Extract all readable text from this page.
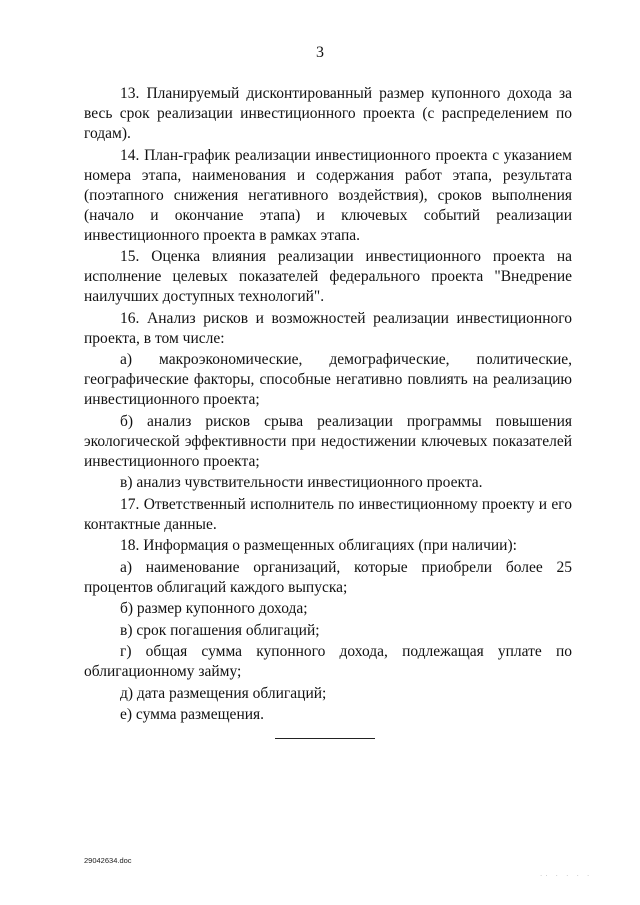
3

13. Планируемый дисконтированный размер купонного дохода за весь срок реализации инвестиционного проекта (с распределением по годам).

14. План-график реализации инвестиционного проекта с указанием номера этапа, наименования и содержания работ этапа, результата (поэтапного снижения негативного воздействия), сроков выполнения (начало и окончание этапа) и ключевых событий реализации инвестиционного проекта в рамках этапа.

15. Оценка влияния реализации инвестиционного проекта на исполнение целевых показателей федерального проекта "Внедрение наилучших доступных технологий".

16. Анализ рисков и возможностей реализации инвестиционного проекта, в том числе:

а) макроэкономические, демографические, политические, географические факторы, способные негативно повлиять на реализацию инвестиционного проекта;

б) анализ рисков срыва реализации программы повышения экологической эффективности при недостижении ключевых показателей инвестиционного проекта;

в) анализ чувствительности инвестиционного проекта.

17. Ответственный исполнитель по инвестиционному проекту и его контактные данные.

18. Информация о размещенных облигациях (при наличии):

а) наименование организаций, которые приобрели более 25 процентов облигаций каждого выпуска;

б) размер купонного дохода;

в) срок погашения облигаций;

г) общая сумма купонного дохода, подлежащая уплате по облигационному займу;

д) дата размещения облигаций;

е) сумма размещения.

29042634.doc
·· · · · ·
